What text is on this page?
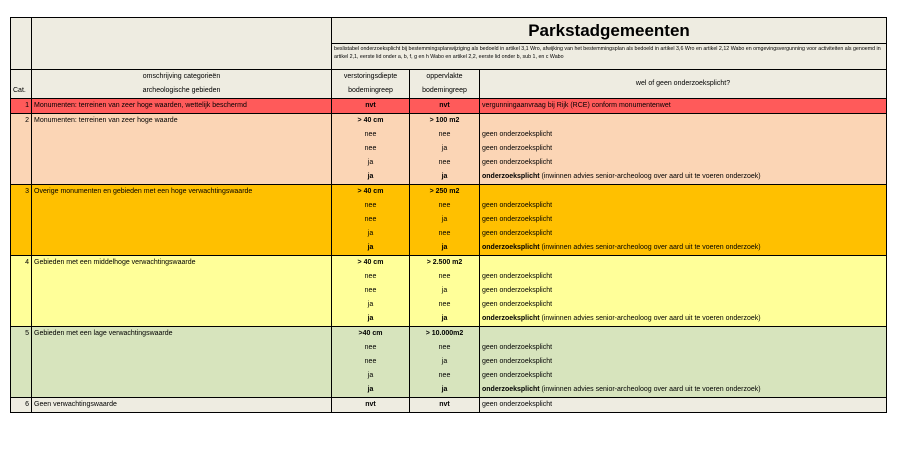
		Parkstadgemeenten		
		beslistabel onderzoeksplicht bij bestemmingsplanwijziging als bedoeld in artikel 3,1 Wro, afwijking van het bestemmingsplan als bedoeld in artikel 3,6 Wro en artikel 2,12 Wabo en omgevingsvergunning voor activiteiten als genoemd in artikel 2,1, eerste lid onder a, b, f, g en h Wabo en artikel 2,2, eerste lid onder b, sub 1, en c Wabo		
	omschrijving categorieën	verstoringsdiepte	oppervlakte	wel of geen onderzoeksplicht?
Cat.	archeologische gebieden	bodemingreep	bodemingreep	
1	Monumenten: terreinen van zeer hoge waarden, wettelijk beschermd	nvt	nvt	vergunningaanvraag bij Rijk (RCE) conform monumentenwet
2	Monumenten: terreinen van zeer hoge waarde	> 40 cm	> 100 m2	
		nee	nee	geen onderzoeksplicht
		nee	ja	geen onderzoeksplicht
		ja	nee	geen onderzoeksplicht
		ja	ja	onderzoeksplicht (inwinnen advies senior-archeoloog over aard uit te voeren onderzoek)
3	Overige monumenten en gebieden met een hoge verwachtingswaarde	> 40 cm	> 250 m2	
		nee	nee	geen onderzoeksplicht
		nee	ja	geen onderzoeksplicht
		ja	nee	geen onderzoeksplicht
		ja	ja	onderzoeksplicht (inwinnen advies senior-archeoloog over aard uit te voeren onderzoek)
4	Gebieden met een middelhoge verwachtingswaarde	> 40 cm	> 2.500 m2	
		nee	nee	geen onderzoeksplicht
		nee	ja	geen onderzoeksplicht
		ja	nee	geen onderzoeksplicht
		ja	ja	onderzoeksplicht (inwinnen advies senior-archeoloog over aard uit te voeren onderzoek)
5	Gebieden met een lage verwachtingswaarde	>40 cm	> 10.000m2	
		nee	nee	geen onderzoeksplicht
		nee	ja	geen onderzoeksplicht
		ja	nee	geen onderzoeksplicht
		ja	ja	onderzoeksplicht (inwinnen advies senior-archeoloog over aard uit te voeren onderzoek)
6	Geen verwachtingswaarde	nvt	nvt	geen onderzoeksplicht
